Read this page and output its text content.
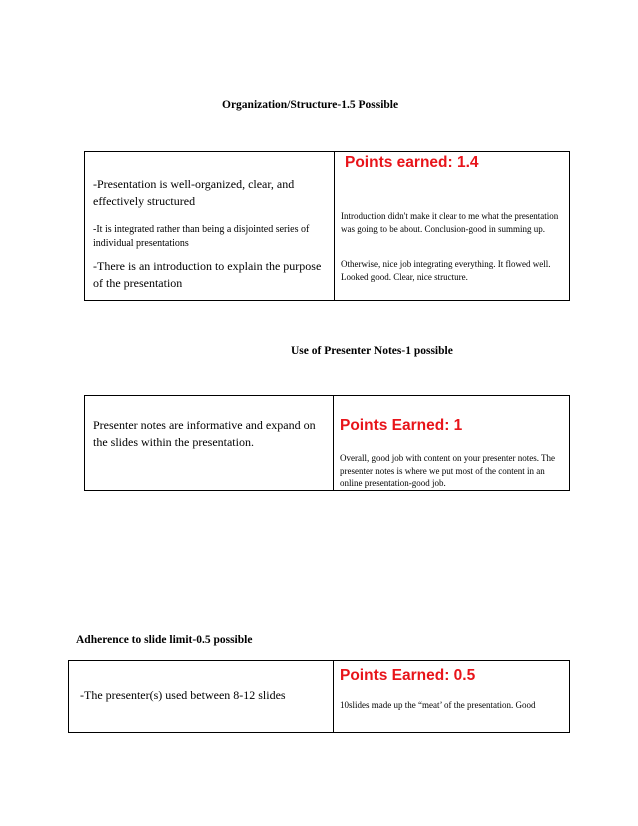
Organization/Structure-1.5 Possible

-Presentation is well-organized, clear, and effectively structured

-It is integrated rather than being a disjointed series of individual presentations

-There is an introduction to explain the purpose of the presentation

Points earned: 1.4

Introduction didn't make it clear to me what the presentation was going to be about. Conclusion-good in summing up.

Otherwise, nice job integrating everything. It flowed well. Looked good. Clear, nice structure.

Use of Presenter Notes-1 possible

Presenter notes are informative and expand on the slides within the presentation.

Points Earned: 1

Overall, good job with content on your presenter notes. The presenter notes is where we put most of the content in an online presentation-good job.

Adherence to slide limit-0.5 possible

-The presenter(s) used between 8-12 slides

Points Earned: 0.5

10slides made up the “meat’ of the presentation. Good
